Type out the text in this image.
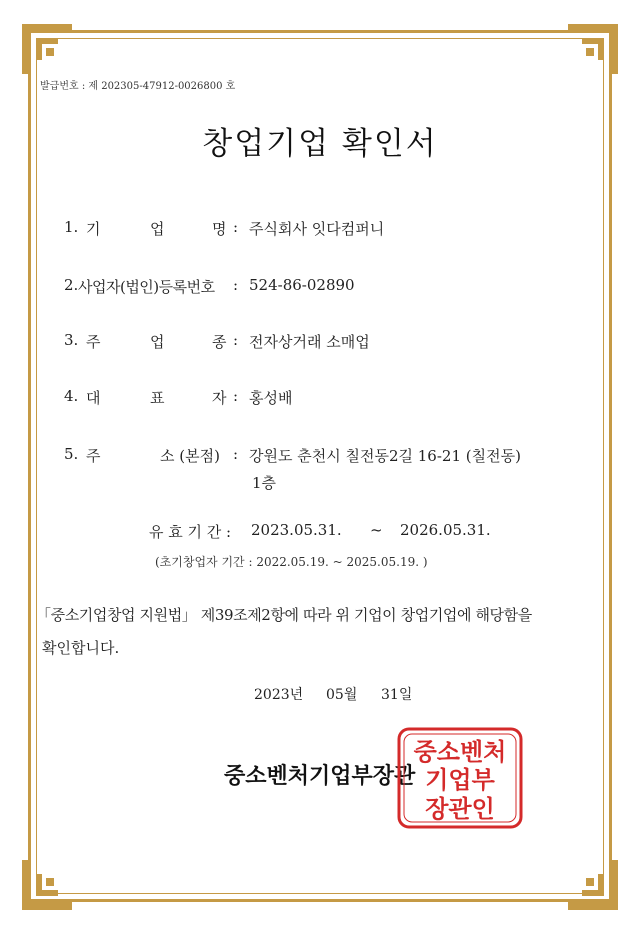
발급번호 : 제 202305-47912-0026800 호
창업기업 확인서
1. 기	업	명 : 주식회사 잇다컴퍼니
2. 사업자(법인)등록번호 : 524-86-02890
3. 주	업	종 : 전자상거래 소매업
4. 대	표	자 : 홍성배
5. 주	소 (본점) : 강원도 춘천시 칠전동2길 16-21 (칠전동)
1층
유 효 기 간 : 2023.05.31. ~ 2026.05.31.
(초기창업자 기간 : 2022.05.19. ~ 2025.05.19. )
「중소기업창업 지원법」 제39조제2항에 따라 위 기업이 창업기업에 해당함을
확인합니다.
2023년 05월 31일
중소벤처기업부장관
중소벤처
기업부
장관인
